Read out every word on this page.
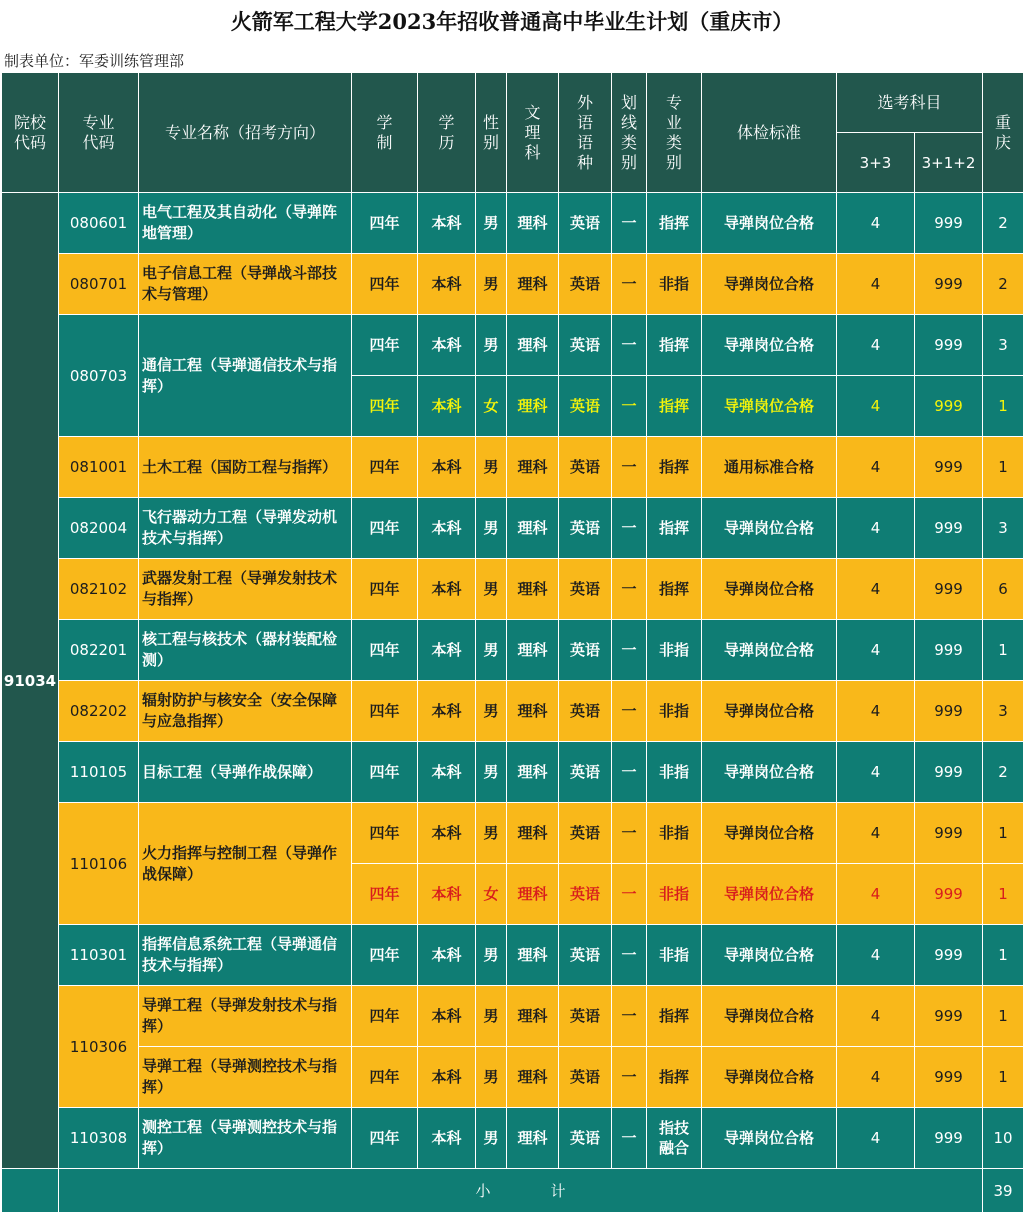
火箭军工程大学2023年招收普通高中毕业生计划（重庆市）
制表单位：军委训练管理部
院校代码	专业代码	专业名称（招考方向）	学制	学历	性别	文理科	外语语种	划线类别	专业类别	体检标准	选考科目		重庆

											3+3	3+1+2	
91034	080601	电气工程及其自动化（导弹阵地管理）	四年	本科	男	理科	英语	一	指挥	导弹岗位合格	4	999	2
	080701	电子信息工程（导弹战斗部技术与管理）	四年	本科	男	理科	英语	一	非指	导弹岗位合格	4	999	2
	080703	通信工程（导弹通信技术与指挥）	四年	本科	男	理科	英语	一	指挥	导弹岗位合格	4	999	3
			四年	本科	女	理科	英语	一	指挥	导弹岗位合格	4	999	1
	081001	土木工程（国防工程与指挥）	四年	本科	男	理科	英语	一	指挥	通用标准合格	4	999	1
	082004	飞行器动力工程（导弹发动机技术与指挥）	四年	本科	男	理科	英语	一	指挥	导弹岗位合格	4	999	3
	082102	武器发射工程（导弹发射技术与指挥）	四年	本科	男	理科	英语	一	指挥	导弹岗位合格	4	999	6
	082201	核工程与核技术（器材装配检测）	四年	本科	男	理科	英语	一	非指	导弹岗位合格	4	999	1
	082202	辐射防护与核安全（安全保障与应急指挥）	四年	本科	男	理科	英语	一	非指	导弹岗位合格	4	999	3
	110105	目标工程（导弹作战保障）	四年	本科	男	理科	英语	一	非指	导弹岗位合格	4	999	2
	110106	火力指挥与控制工程（导弹作战保障）	四年	本科	男	理科	英语	一	非指	导弹岗位合格	4	999	1
			四年	本科	女	理科	英语	一	非指	导弹岗位合格	4	999	1
	110301	指挥信息系统工程（导弹通信技术与指挥）	四年	本科	男	理科	英语	一	非指	导弹岗位合格	4	999	1
	110306	导弹工程（导弹发射技术与指挥）	四年	本科	男	理科	英语	一	指挥	导弹岗位合格	4	999	1
		导弹工程（导弹测控技术与指挥）	四年	本科	男	理科	英语	一	指挥	导弹岗位合格	4	999	1
	110308	测控工程（导弹测控技术与指挥）	四年	本科	男	理科	英语	一	指技融合	导弹岗位合格	4	999	10
	小计												39
